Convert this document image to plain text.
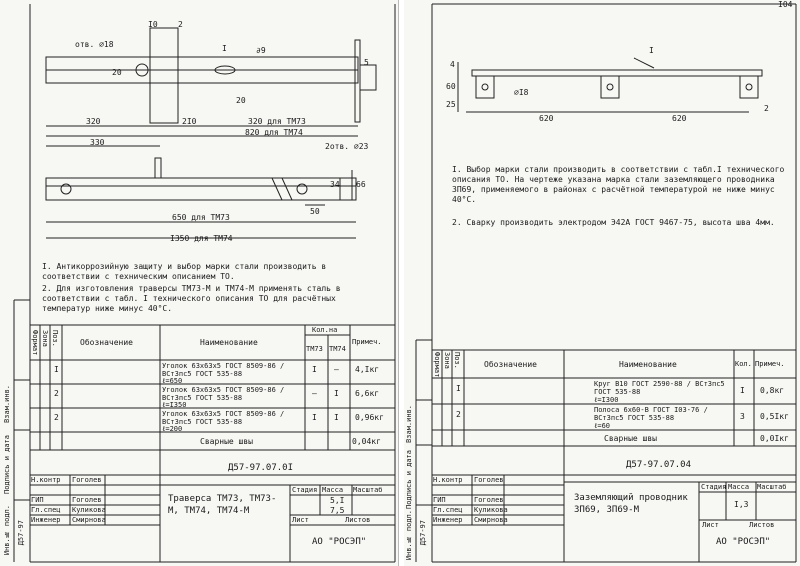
отв. ⌀18
I0	2
I
20
20
∂9
5
320	2I0	320 для ТМ73
820 для ТМ74
330	2отв. ⌀23
34 66
50
650 для ТМ73
I350 для ТМ74
I. Антикоррозийную защиту и выбор марки стали производить в соответствии с техническим описанием ТО.
2. Для изготовления траверсы ТМ73-М и ТМ74-М применять сталь в соответствии с табл. I технического описания ТО для расчётных температур ниже минус 40°С.
Формат Зона Поз.	Обозначение	Наименование
Кол.на
ТМ73 ТМ74
Примеч.
I	Уголок 63х63х5 ГОСТ 8509-86 / ВСт3пс5 ГОСТ 535-88
ℓ=650
I – 4,Iкг
2	Уголок 63х63х5 ГОСТ 8509-86 / ВСт3пс5 ГОСТ 535-88
ℓ=I350
– I 6,6кг
2	Уголок 63х63х5 ГОСТ 8509-86 / ВСт3пс5 ГОСТ 535-88
ℓ=200
I I 0,96кг
Сварные швы	0,04кг
Д57-97.07.0I
Стадия Масса Масштаб
5,I
7,5
Траверса ТМ73, ТМ73-М, ТМ74, ТМ74-М
Лист	Листов
АО "РОСЭП"
Н.контр Гоголев
ГИП	Гоголев
Гл.спец Куликова
Инженер Смирнова
Инв.№ подл.
Подпись и дата
Взам.инв.
Д57-97
I04
I
4
60
25
⌀I8
620	620
2
I. Выбор марки стали производить в соответствии с табл.I технического описания ТО. На чертеже указана марка стали заземляющего проводника ЗП69, применяемого в районах с расчётной температурой не ниже минус 40°С.
2. Сварку производить электродом Э42А ГОСТ 9467-75, высота шва 4мм.
Формат Зона Поз.	Обозначение	Наименование	Кол. Примеч.
I	Круг В10 ГОСТ 2590-88 / ВСт3пс5 ГОСТ 535-88
ℓ=I300
I 0,8кг
2	Полоса 6х60-В ГОСТ I03-76 / ВСт3пс5 ГОСТ 535-88
ℓ=60
3 0,5Iкг
Сварные швы	0,0Iкг
Д57-97.07.04
Стадия Масса Масштаб
I,3
Заземляющий проводник ЗП69, ЗП69-М
Лист	Листов
АО "РОСЭП"
Н.контр Гоголев
ГИП	Гоголев
Гл.спец Куликова
Инженер Смирнова
Инв.№ подл.
Подпись и дата
Взам.инв.
Д57-97
